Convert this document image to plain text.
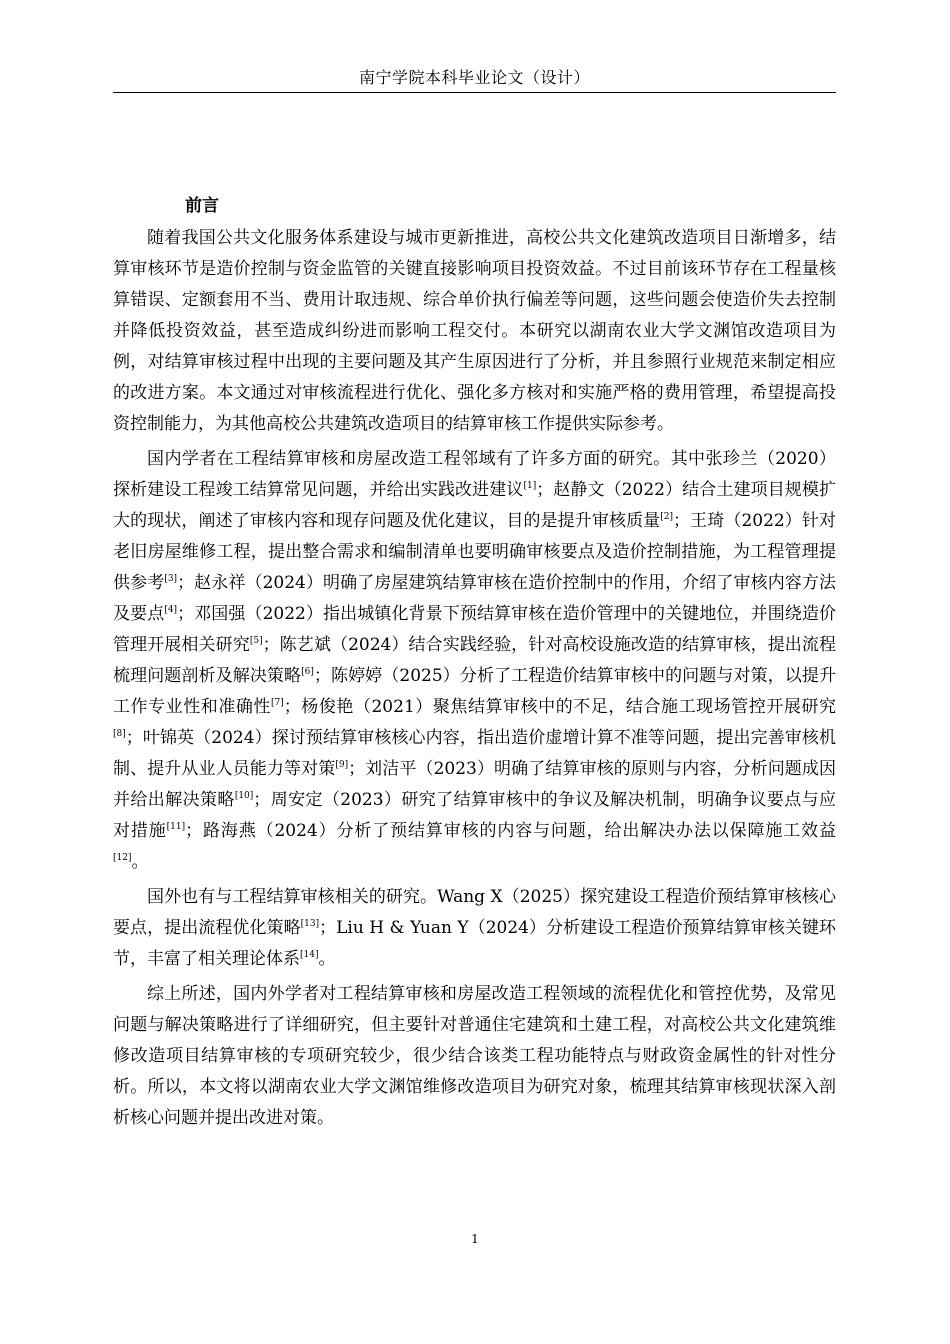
南宁学院本科毕业论文（设计）
前言

随着我国公共文化服务体系建设与城市更新推进，高校公共文化建筑改造项目日渐增多，结算审核环节是造价控制与资金监管的关键直接影响项目投资效益。不过目前该环节存在工程量核算错误、定额套用不当、费用计取违规、综合单价执行偏差等问题，这些问题会使造价失去控制并降低投资效益，甚至造成纠纷进而影响工程交付。本研究以湖南农业大学文渊馆改造项目为例，对结算审核过程中出现的主要问题及其产生原因进行了分析，并且参照行业规范来制定相应的改进方案。本文通过对审核流程进行优化、强化多方核对和实施严格的费用管理，希望提高投资控制能力，为其他高校公共建筑改造项目的结算审核工作提供实际参考。

国内学者在工程结算审核和房屋改造工程邻域有了许多方面的研究。其中张珍兰（2020）探析建设工程竣工结算常见问题，并给出实践改进建议[1]；赵静文（2022）结合土建项目规模扩大的现状，阐述了审核内容和现存问题及优化建议，目的是提升审核质量[2]；王琦（2022）针对老旧房屋维修工程，提出整合需求和编制清单也要明确审核要点及造价控制措施，为工程管理提供参考[3]；赵永祥（2024）明确了房屋建筑结算审核在造价控制中的作用，介绍了审核内容方法及要点[4]；邓国强（2022）指出城镇化背景下预结算审核在造价管理中的关键地位，并围绕造价管理开展相关研究[5]；陈艺斌（2024）结合实践经验，针对高校设施改造的结算审核，提出流程梳理问题剖析及解决策略[6]；陈婷婷（2025）分析了工程造价结算审核中的问题与对策，以提升工作专业性和准确性[7]；杨俊艳（2021）聚焦结算审核中的不足，结合施工现场管控开展研究[8]；叶锦英（2024）探讨预结算审核核心内容，指出造价虚增计算不准等问题，提出完善审核机制、提升从业人员能力等对策[9]；刘洁平（2023）明确了结算审核的原则与内容，分析问题成因并给出解决策略[10]；周安定（2023）研究了结算审核中的争议及解决机制，明确争议要点与应对措施[11]；路海燕（2024）分析了预结算审核的内容与问题，给出解决办法以保障施工效益[12]。

国外也有与工程结算审核相关的研究。Wang X（2025）探究建设工程造价预结算审核核心要点，提出流程优化策略[13]；Liu H & Yuan Y（2024）分析建设工程造价预算结算审核关键环节，丰富了相关理论体系[14]。

综上所述，国内外学者对工程结算审核和房屋改造工程领域的流程优化和管控优势，及常见问题与解决策略进行了详细研究，但主要针对普通住宅建筑和土建工程，对高校公共文化建筑维修改造项目结算审核的专项研究较少，很少结合该类工程功能特点与财政资金属性的针对性分析。所以，本文将以湖南农业大学文渊馆维修改造项目为研究对象，梳理其结算审核现状深入剖析核心问题并提出改进对策。

1
